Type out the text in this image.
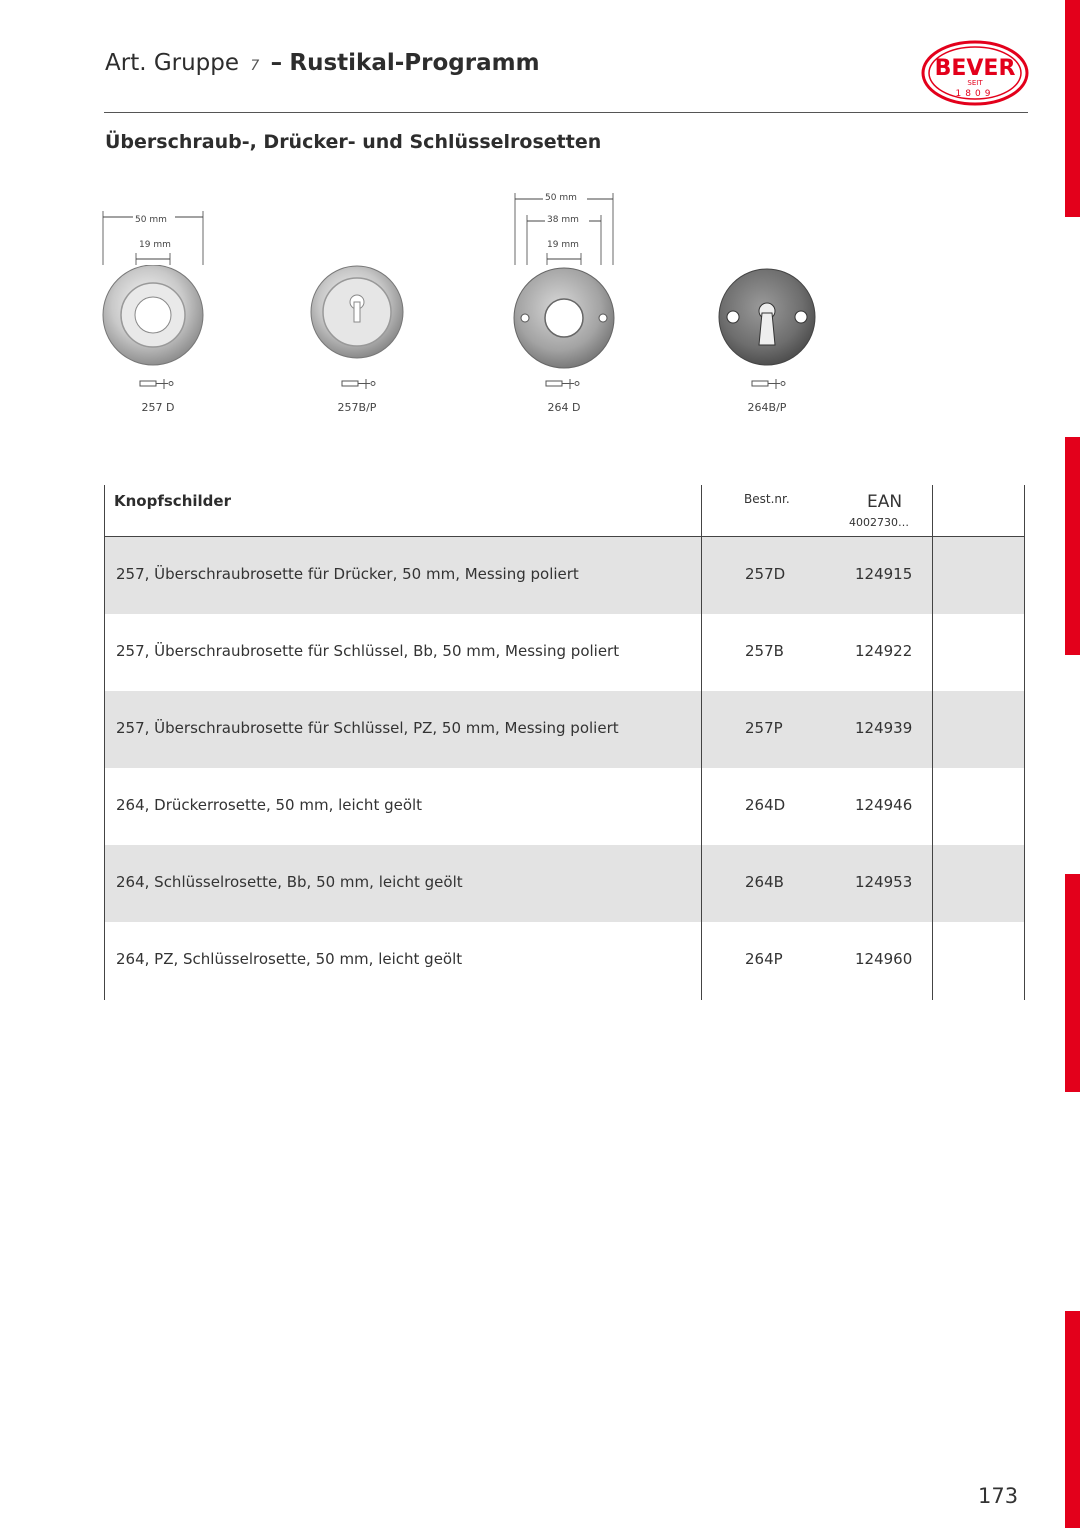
Art. Gruppe 7 – Rustikal-Programm	BEVER
SEIT
1809
Überschraub-, Drücker- und Schlüsselrosetten
50 mm
19 mm
257 D	257B/P
50 mm
38 mm
19 mm
264 D	264B/P
257, Überschraubrosette für Drücker, 50 mm, Messing poliert	257D	124915
257, Überschraubrosette für Schlüssel, Bb, 50 mm, Messing poliert	257B	124922
257, Überschraubrosette für Schlüssel, PZ, 50 mm, Messing poliert	257P	124939
264, Drückerrosette, 50 mm, leicht geölt	264D	124946
264, Schlüsselrosette, Bb, 50 mm, leicht geölt	264B	124953
264, PZ, Schlüsselrosette, 50 mm, leicht geölt	264P	124960
Knopfschilder	Best.nr.	EAN
4002730…
173
